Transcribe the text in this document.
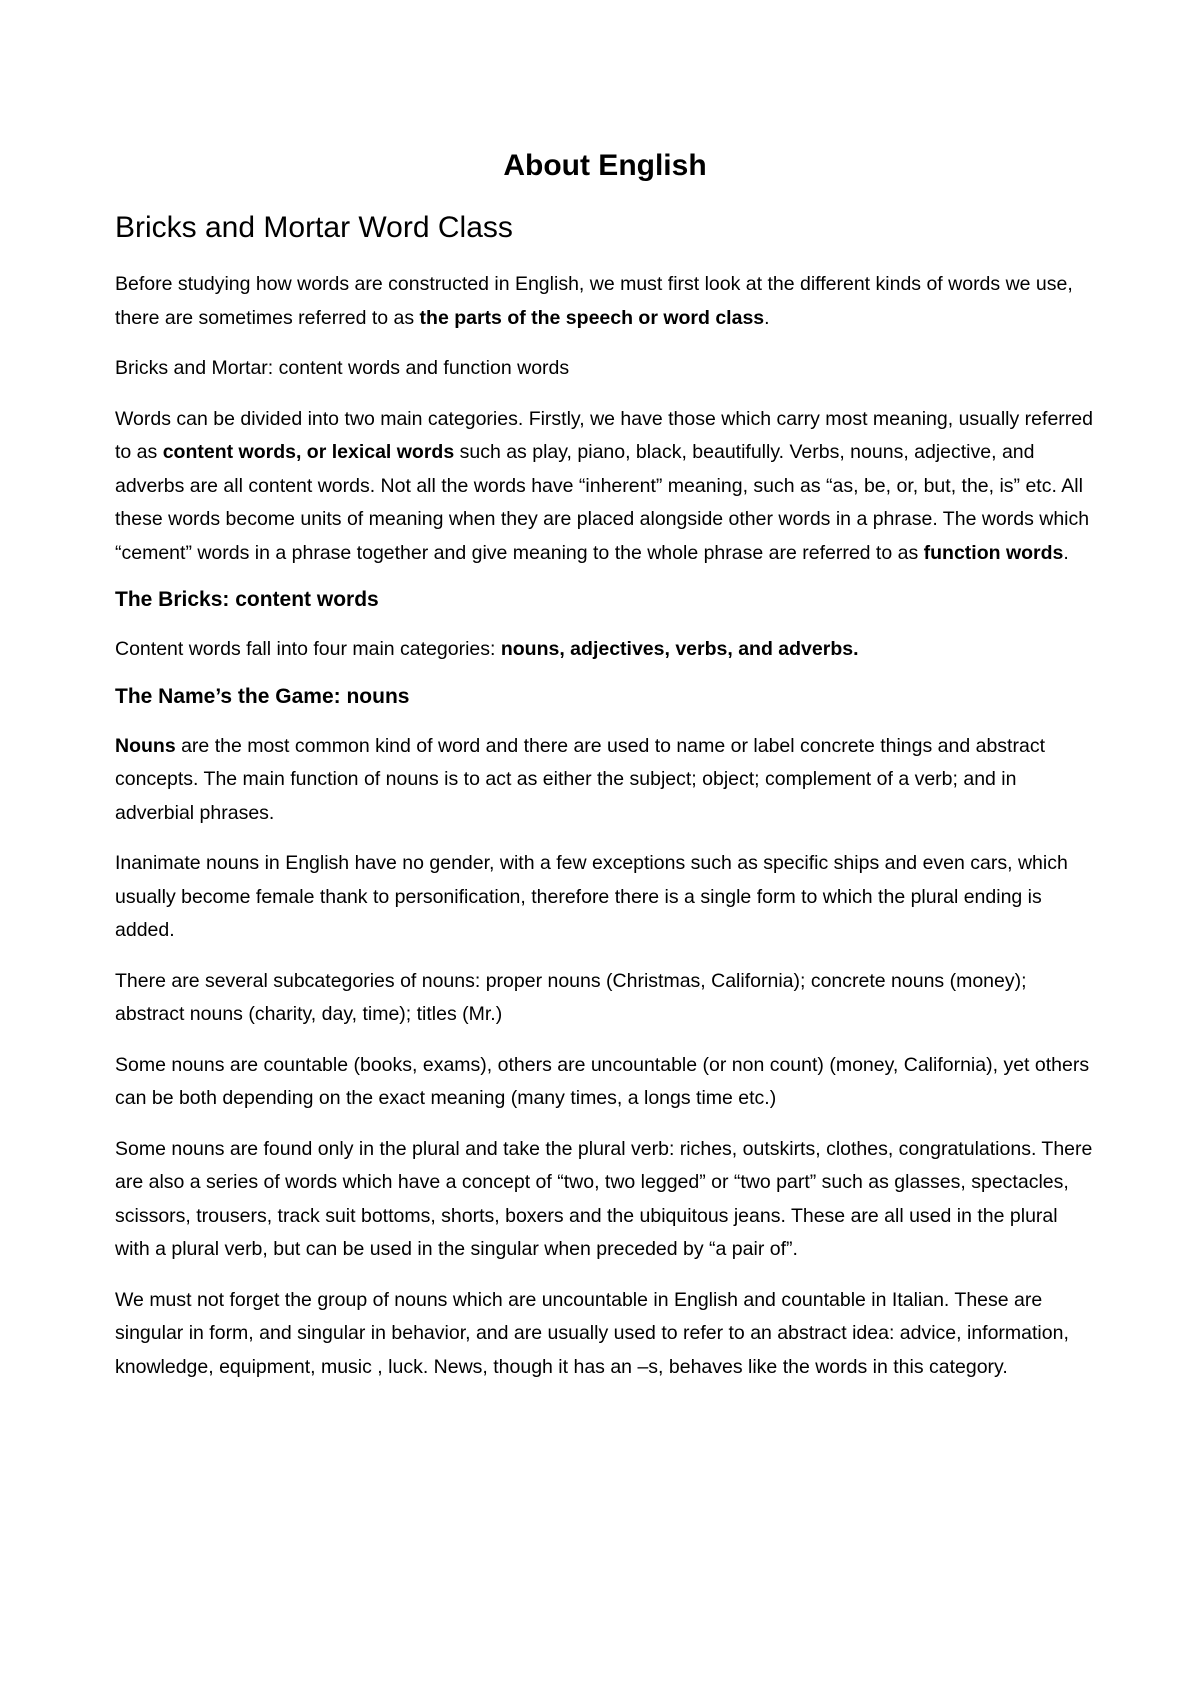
About English
Bricks and Mortar Word Class

Before studying how words are constructed in English, we must first look at the different kinds of words we use, there are sometimes referred to as the parts of the speech or word class.

Bricks and Mortar: content words and function words

Words can be divided into two main categories. Firstly, we have those which carry most meaning, usually referred to as content words, or lexical words such as play, piano, black, beautifully. Verbs, nouns, adjective, and adverbs are all content words. Not all the words have “inherent” meaning, such as “as, be, or, but, the, is” etc. All these words become units of meaning when they are placed alongside other words in a phrase. The words which “cement” words in a phrase together and give meaning to the whole phrase are referred to as function words.

The Bricks: content words

Content words fall into four main categories: nouns, adjectives, verbs, and adverbs.

The Name’s the Game: nouns

Nouns are the most common kind of word and there are used to name or label concrete things and abstract concepts. The main function of nouns is to act as either the subject; object; complement of a verb; and in adverbial phrases.

Inanimate nouns in English have no gender, with a few exceptions such as specific ships and even cars, which usually become female thank to personification, therefore there is a single form to which the plural ending is added.

There are several subcategories of nouns: proper nouns (Christmas, California); concrete nouns (money); abstract nouns (charity, day, time); titles (Mr.)

Some nouns are countable (books, exams), others are uncountable (or non count) (money, California), yet others can be both depending on the exact meaning (many times, a longs time etc.)

Some nouns are found only in the plural and take the plural verb: riches, outskirts, clothes, congratulations. There are also a series of words which have a concept of “two, two legged” or “two part” such as glasses, spectacles, scissors, trousers, track suit bottoms, shorts, boxers and the ubiquitous jeans. These are all used in the plural with a plural verb, but can be used in the singular when preceded by “a pair of”.

We must not forget the group of nouns which are uncountable in English and countable in Italian. These are singular in form, and singular in behavior, and are usually used to refer to an abstract idea: advice, information, knowledge, equipment, music , luck. News, though it has an –s, behaves like the words in this category.
